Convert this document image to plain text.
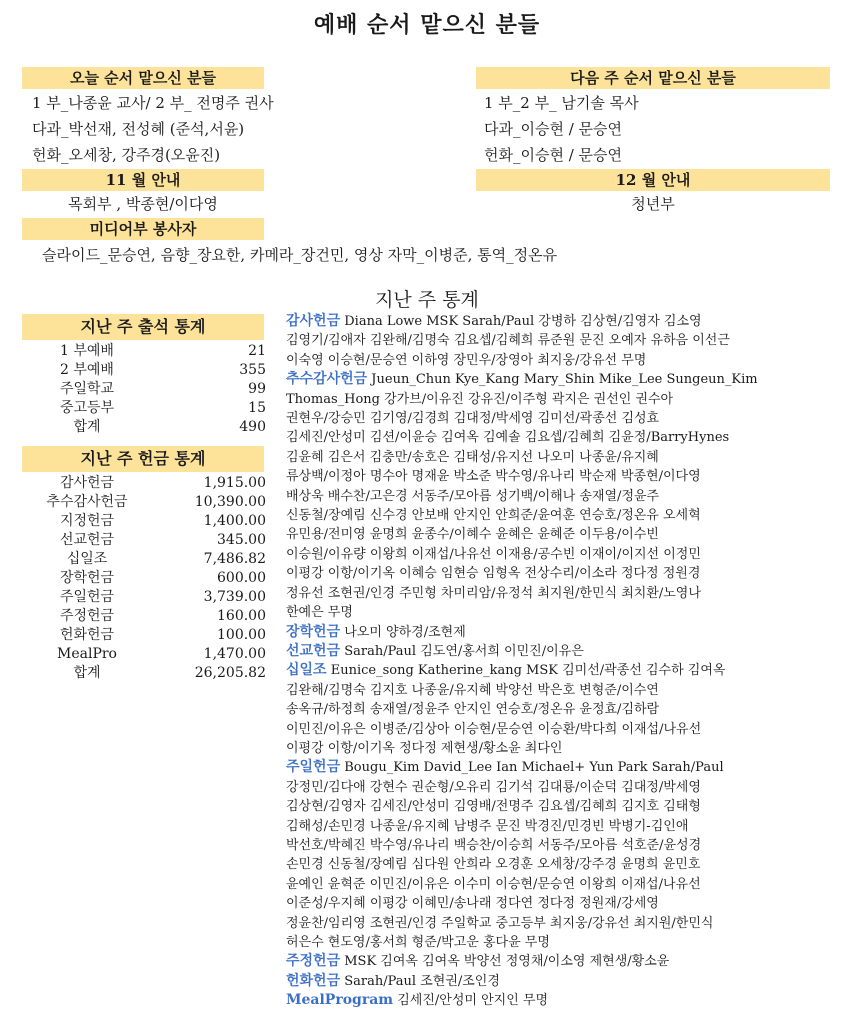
예배 순서 맡으신 분들
오늘 순서 맡으신 분들
1 부_나종윤 교사/ 2 부_ 전명주 권사
다과_박선재, 전성혜 (준석,서윤)
헌화_오세창, 강주경(오윤진)
다음 주 순서 맡으신 분들
1 부_2 부_ 남기솔 목사
다과_이승현 / 문승연
헌화_이승현 / 문승연
11 월 안내
목회부 , 박종현/이다영
12 월 안내
청년부
미디어부 봉사자
슬라이드_문승연, 음향_장요한, 카메라_장건민, 영상 자막_이병준, 통역_정온유
지난 주 통계
지난 주 출석 통계
1 부예배	21
2 부예배	355
주일학교	99
중고등부	15
합계	490
지난 주 헌금 통계
감사헌금	1,915.00
추수감사헌금	10,390.00
지정헌금	1,400.00
선교헌금	345.00
십일조	7,486.82
장학헌금	600.00
주일헌금	3,739.00
주정헌금	160.00
헌화헌금	100.00
MealPro	1,470.00
합계	26,205.82

감사헌금 Diana Lowe MSK Sarah/Paul 강병하 김상현/김영자 김소영

김영기/김애자 김완해/김명숙 김요셉/김혜희 류준원 문진 오예자 유하음 이선근

이숙영 이승현/문승연 이하영 장민우/장영아 최지웅/강유선 무명

추수감사헌금 Jueun_Chun Kye_Kang Mary_Shin Mike_Lee Sungeun_Kim

Thomas_Hong 강가브/이유진 강유진/이주형 곽지은 권선인 권수아

권현우/강승민 김기영/김경희 김대정/박세영 김미선/곽종선 김성효

김세진/안성미 김션/이윤승 김여옥 김예솔 김요셉/김혜희 김윤정/BarryHynes

김윤혜 김은서 김충만/송호은 김태성/유지선 나오미 나종윤/유지혜

류상백/이정아 명수아 명재윤 박소준 박수영/유나리 박순재 박종현/이다영

배상욱 배수찬/고은경 서동주/모아름 성기백/이해나 송재열/정윤주

신동철/장예림 신수경 안보배 안지인 안희준/윤여훈 연승호/정온유 오세혁

유민용/전미영 윤명희 윤종수/이혜수 윤혜은 윤혜준 이두용/이수빈

이승원/이유량 이왕희 이재섭/나유선 이재용/공수빈 이재이/이지선 이정민

이평강 이항/이기옥 이혜승 임현승 임형옥 전상수리/이소라 정다정 정원경

정유선 조현권/인경 주민형 차미리암/유정석 최지원/한민식 최치환/노영나

한예은 무명

장학헌금 나오미 양하경/조현제

선교헌금 Sarah/Paul 김도연/홍서희 이민진/이유은

십일조 Eunice_song Katherine_kang MSK 김미선/곽종선 김수하 김여옥

김완해/김명숙 김지호 나종윤/유지혜 박양선 박은호 변형준/이수연

송옥규/하정희 송재열/정윤주 안지인 연승호/정온유 윤정효/김하람

이민진/이유은 이병준/김상아 이승현/문승연 이승환/박다희 이재섭/나유선

이평강 이항/이기옥 정다정 제현생/황소윤 최다인

주일헌금 Bougu_Kim David_Lee Ian Michael+ Yun Park Sarah/Paul

강정민/김다애 강현수 권순형/오유리 김기석 김대룡/이순덕 김대정/박세영

김상현/김영자 김세진/안성미 김영배/전명주 김요셉/김혜희 김지호 김태형

김해성/손민경 나종윤/유지혜 남병주 문진 박경진/민경빈 박병기-김인애

박선호/박혜진 박수영/유나리 백승찬/이승희 서동주/모아름 석호준/윤성경

손민경 신동철/장예림 심다원 안희라 오경훈 오세창/강주경 윤명희 윤민호

윤예인 윤혁준 이민진/이유은 이수미 이승현/문승연 이왕희 이재섭/나유선

이준성/우지혜 이평강 이혜민/송나래 정다연 정다정 정원재/강세영

정윤찬/임리영 조현권/인경 주일학교 중고등부 최지웅/강유선 최지원/한민식

허은수 현도영/홍서희 형준/박고운 홍다윤 무명

주정헌금 MSK 김여옥 김여옥 박양선 정영채/이소영 제현생/황소윤

헌화헌금 Sarah/Paul 조현권/조인경

MealProgram 김세진/안성미 안지인 무명
